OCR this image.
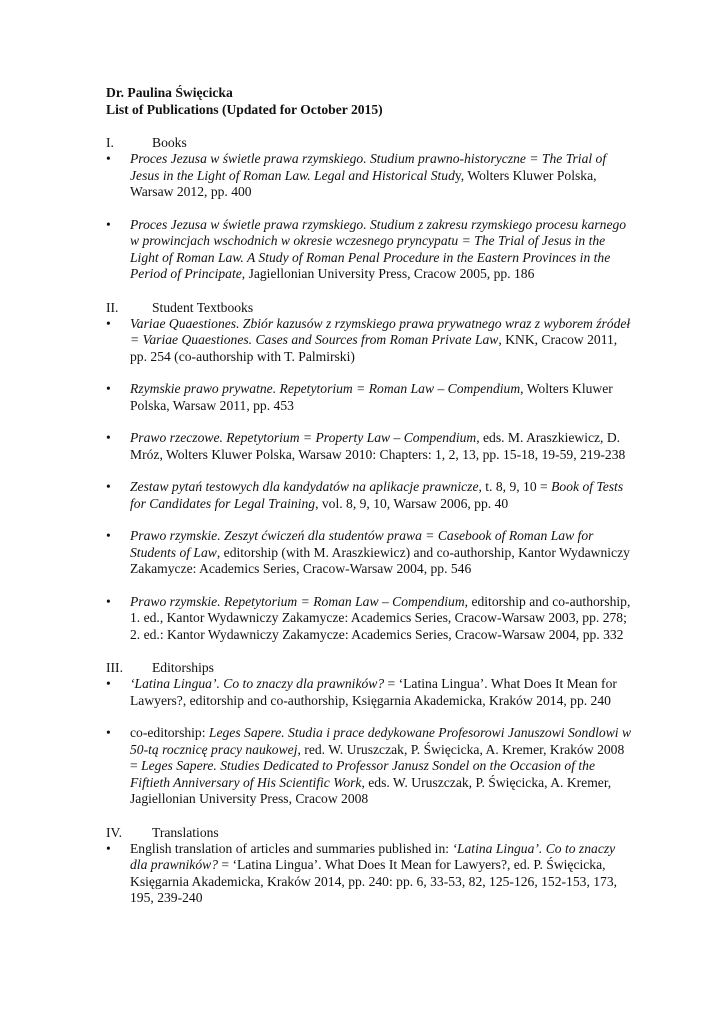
Dr. Paulina Święcicka

List of Publications (Updated for October 2015)

I.	Books
•	Proces Jezusa w świetle prawa rzymskiego. Studium prawno-historyczne = The Trial of Jesus in the Light of Roman Law. Legal and Historical Study, Wolters Kluwer Polska, Warsaw 2012, pp. 400
•	Proces Jezusa w świetle prawa rzymskiego. Studium z zakresu rzymskiego procesu karnego w prowincjach wschodnich w okresie wczesnego pryncypatu = The Trial of Jesus in the Light of Roman Law. A Study of Roman Penal Procedure in the Eastern Provinces in the Period of Principate, Jagiellonian University Press, Cracow 2005, pp. 186
II.	Student Textbooks
•	Variae Quaestiones. Zbiór kazusów z rzymskiego prawa prywatnego wraz z wyborem źródeł = Variae Quaestiones. Cases and Sources from Roman Private Law, KNK, Cracow 2011, pp. 254 (co-authorship with T. Palmirski)
•	Rzymskie prawo prywatne. Repetytorium = Roman Law – Compendium, Wolters Kluwer Polska, Warsaw 2011, pp. 453
•	Prawo rzeczowe. Repetytorium = Property Law – Compendium, eds. M. Araszkiewicz, D. Mróz, Wolters Kluwer Polska, Warsaw 2010: Chapters: 1, 2, 13, pp. 15-18, 19-59, 219-238
•	Zestaw pytań testowych dla kandydatów na aplikacje prawnicze, t. 8, 9, 10 = Book of Tests for Candidates for Legal Training, vol. 8, 9, 10, Warsaw 2006, pp. 40
•	Prawo rzymskie. Zeszyt ćwiczeń dla studentów prawa = Casebook of Roman Law for Students of Law, editorship (with M. Araszkiewicz) and co-authorship, Kantor Wydawniczy Zakamycze: Academics Series, Cracow-Warsaw 2004, pp. 546
•	Prawo rzymskie. Repetytorium = Roman Law – Compendium, editorship and co-authorship, 1. ed., Kantor Wydawniczy Zakamycze: Academics Series, Cracow-Warsaw 2003, pp. 278; 2. ed.: Kantor Wydawniczy Zakamycze: Academics Series, Cracow-Warsaw 2004, pp. 332
III.	Editorships
•	‘Latina Lingua’. Co to znaczy dla prawników? = ‘Latina Lingua’. What Does It Mean for Lawyers?, editorship and co-authorship, Księgarnia Akademicka, Kraków 2014, pp. 240
•	co-editorship: Leges Sapere. Studia i prace dedykowane Profesorowi Januszowi Sondlowi w 50-tą rocznicę pracy naukowej, red. W. Uruszczak, P. Święcicka, A. Kremer, Kraków 2008 = Leges Sapere. Studies Dedicated to Professor Janusz Sondel on the Occasion of the Fiftieth Anniversary of His Scientific Work, eds. W. Uruszczak, P. Święcicka, A. Kremer, Jagiellonian University Press, Cracow 2008
IV.	Translations
•	English translation of articles and summaries published in: ‘Latina Lingua’. Co to znaczy dla prawników? = ‘Latina Lingua’. What Does It Mean for Lawyers?, ed. P. Święcicka, Księgarnia Akademicka, Kraków 2014, pp. 240: pp. 6, 33-53, 82, 125-126, 152-153, 173, 195, 239-240
